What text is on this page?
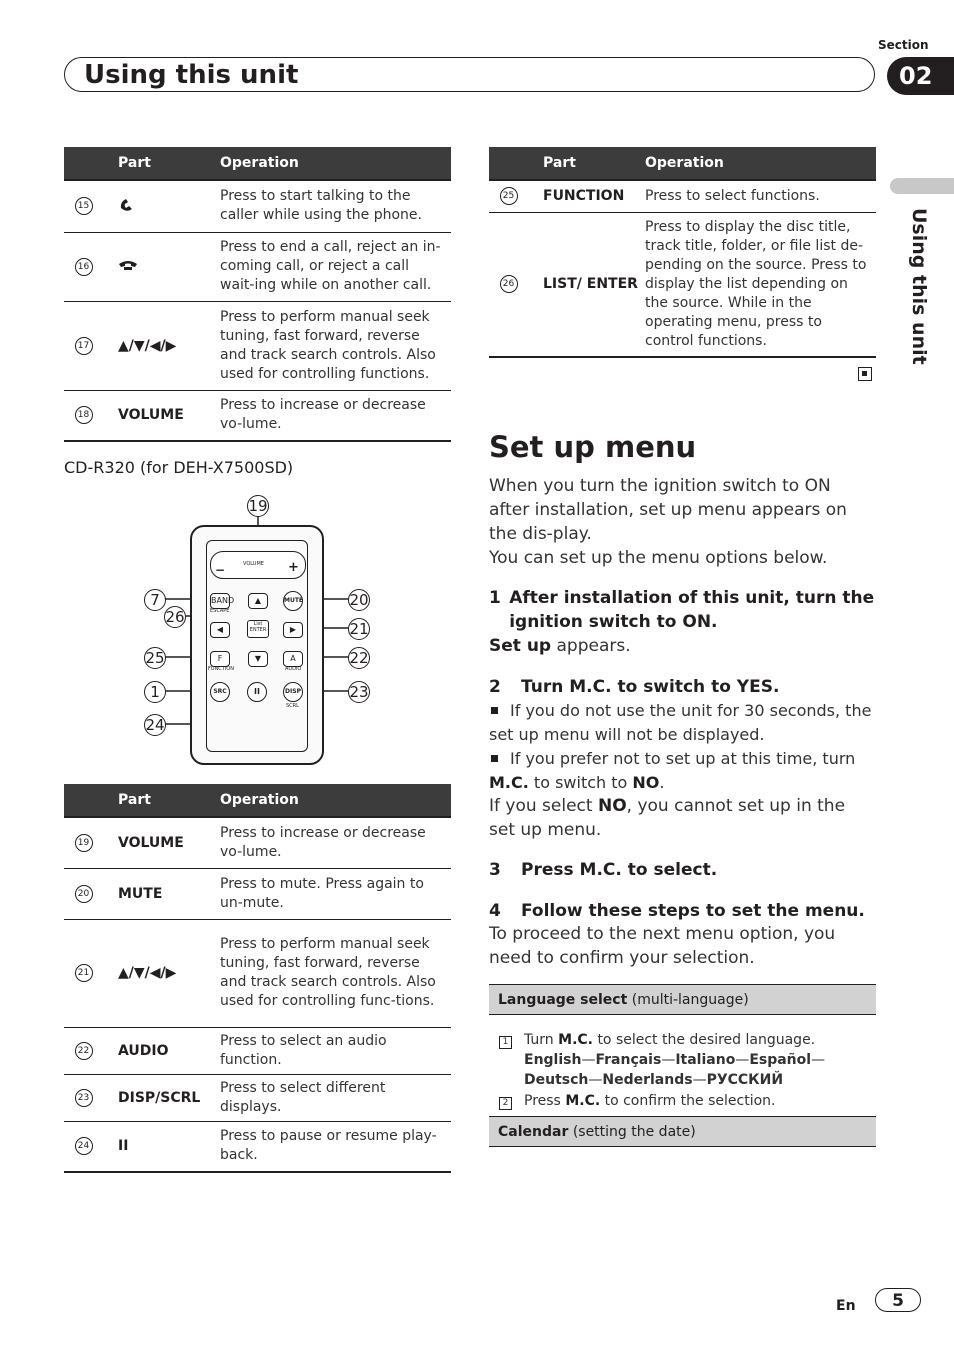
Section
02
Using this unit
Using this unit
	Part	Operation
15		Press to start talking to the caller while using the phone.
16		Press to end a call, reject an in-coming call, or reject a call wait-ing while on another call.
17	▲/▼/◀/▶	Press to perform manual seek tuning, fast forward, reverse and track search controls. Also used for controlling functions.
18	VOLUME	Press to increase or decrease vo-lume.
CD-R320 (for DEH-X7500SD)
VOLUME
−	+
BAND
ESCAPE
MUTE
▲
◀	▶
▼
List
ENTER
F
FUNCTION
A
AUDIO
SRC	II	DISP
SCRL
19
7
26
25
1
24
20
21
22
23
	Part	Operation
19	VOLUME	Press to increase or decrease vo-lume.
20	MUTE	Press to mute. Press again to un-mute.
21	▲/▼/◀/▶	Press to perform manual seek tuning, fast forward, reverse and track search controls. Also used for controlling func-tions.
22	AUDIO	Press to select an audio function.
23	DISP/SCRL	Press to select different displays.
24	II	Press to pause or resume play-back.
	Part	Operation
25	FUNCTION	Press to select functions.
26	LIST/ ENTER	Press to display the disc title, track title, folder, or file list de-pending on the source. Press to display the list depending on the source. While in the operating menu, press to control functions.
Set up menu
When you turn the ignition switch to ON after installation, set up menu appears on the dis-play.
You can set up the menu options below.
1 After installation of this unit, turn the ignition switch to ON.
Set up appears.
2 Turn M.C. to switch to YES.
If you do not use the unit for 30 seconds, the set up menu will not be displayed.
If you prefer not to set up at this time, turn M.C. to switch to NO.
If you select NO, you cannot set up in the set up menu.
3 Press M.C. to select.
4 Follow these steps to set the menu.
To proceed to the next menu option, you need to confirm your selection.
Language select (multi-language)
1 Turn M.C. to select the desired language.
English—Français—Italiano—Español—
Deutsch—Nederlands—РУССКИЙ
2 Press M.C. to confirm the selection.
Calendar (setting the date)
En	5
